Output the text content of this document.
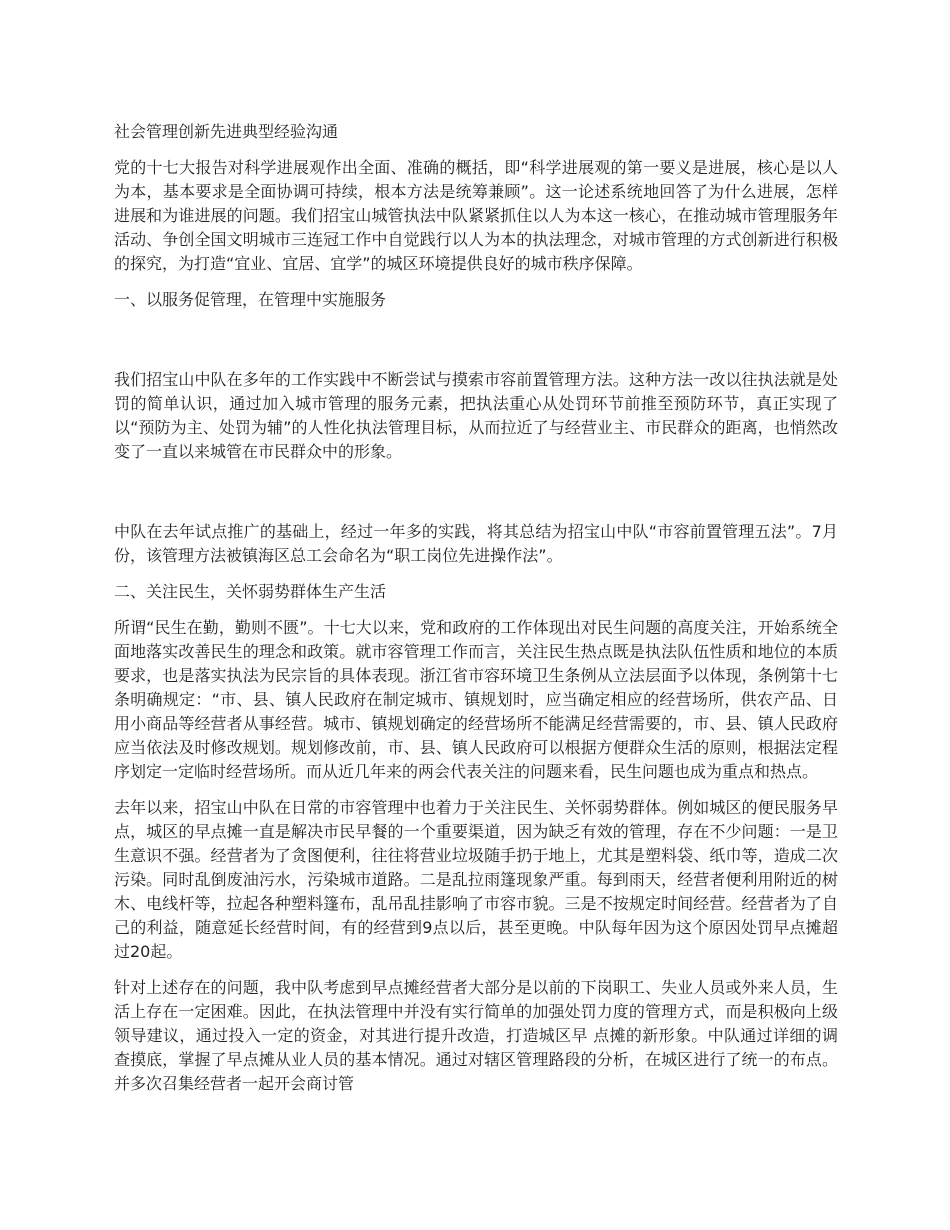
社会管理创新先进典型经验沟通
党的十七大报告对科学进展观作出全面、准确的概括，即“科学进展观的第一要义是进展，核心是以人为本，基本要求是全面协调可持续，根本方法是统筹兼顾”。这一论述系统地回答了为什么进展，怎样进展和为谁进展的问题。我们招宝山城管执法中队紧紧抓住以人为本这一核心，在推动城市管理服务年活动、争创全国文明城市三连冠工作中自觉践行以人为本的执法理念，对城市管理的方式创新进行积极的探究，为打造“宜业、宜居、宜学”的城区环境提供良好的城市秩序保障。
一、以服务促管理，在管理中实施服务
我们招宝山中队在多年的工作实践中不断尝试与摸索市容前置管理方法。这种方法一改以往执法就是处罚的简单认识，通过加入城市管理的服务元素，把执法重心从处罚环节前推至预防环节，真正实现了以“预防为主、处罚为辅”的人性化执法管理目标，从而拉近了与经营业主、市民群众的距离，也悄然改变了一直以来城管在市民群众中的形象。
中队在去年试点推广的基础上，经过一年多的实践，将其总结为招宝山中队“市容前置管理五法”。7月份，该管理方法被镇海区总工会命名为“职工岗位先进操作法”。
二、关注民生，关怀弱势群体生产生活
所谓“民生在勤，勤则不匮”。十七大以来，党和政府的工作体现出对民生问题的高度关注，开始系统全面地落实改善民生的理念和政策。就市容管理工作而言，关注民生热点既是执法队伍性质和地位的本质要求，也是落实执法为民宗旨的具体表现。浙江省市容环境卫生条例从立法层面予以体现，条例第十七条明确规定：“市、县、镇人民政府在制定城市、镇规划时，应当确定相应的经营场所，供农产品、日用小商品等经营者从事经营。城市、镇规划确定的经营场所不能满足经营需要的，市、县、镇人民政府应当依法及时修改规划。规划修改前，市、县、镇人民政府可以根据方便群众生活的原则，根据法定程序划定一定临时经营场所。而从近几年来的两会代表关注的问题来看，民生问题也成为重点和热点。
去年以来，招宝山中队在日常的市容管理中也着力于关注民生、关怀弱势群体。例如城区的便民服务早点，城区的早点摊一直是解决市民早餐的一个重要渠道，因为缺乏有效的管理，存在不少问题：一是卫生意识不强。经营者为了贪图便利，往往将营业垃圾随手扔于地上，尤其是塑料袋、纸巾等，造成二次污染。同时乱倒废油污水，污染城市道路。二是乱拉雨篷现象严重。每到雨天，经营者便利用附近的树木、电线杆等，拉起各种塑料篷布，乱吊乱挂影响了市容市貌。三是不按规定时间经营。经营者为了自己的利益，随意延长经营时间，有的经营到9点以后，甚至更晚。中队每年因为这个原因处罚早点摊超过20起。
针对上述存在的问题，我中队考虑到早点摊经营者大部分是以前的下岗职工、失业人员或外来人员，生活上存在一定困难。因此，在执法管理中并没有实行简单的加强处罚力度的管理方式，而是积极向上级领导建议，通过投入一定的资金，对其进行提升改造，打造城区早 点摊的新形象。中队通过详细的调查摸底，掌握了早点摊从业人员的基本情况。通过对辖区管理路段的分析，在城区进行了统一的布点。并多次召集经营者一起开会商讨管
